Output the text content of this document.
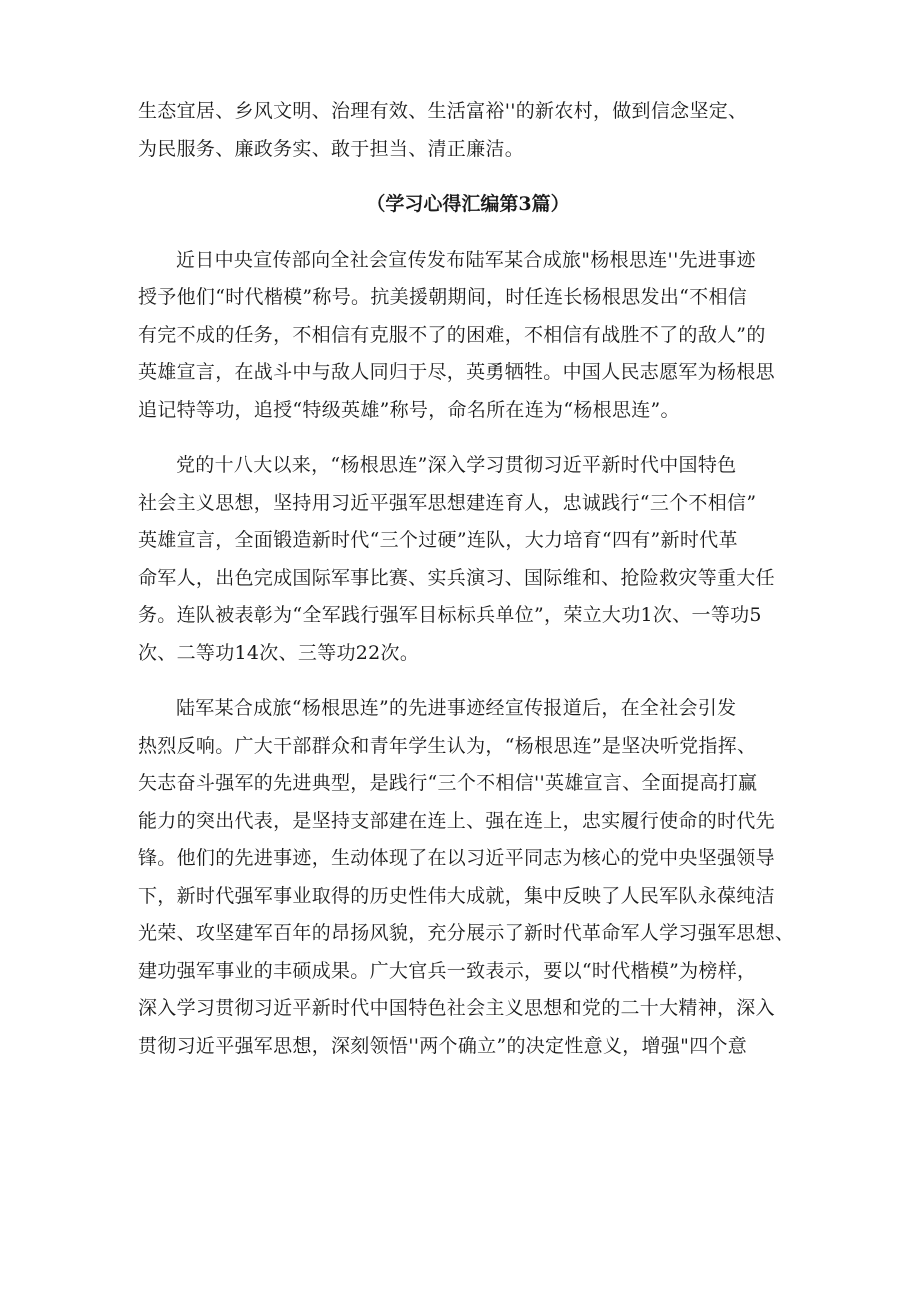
生态宜居、乡风文明、治理有效、生活富裕''的新农村，做到信念坚定、
为民服务、廉政务实、敢于担当、清正廉洁。
（学习心得汇编第3篇）
近日中央宣传部向全社会宣传发布陆军某合成旅"杨根思连''先进事迹
授予他们“时代楷模”称号。抗美援朝期间，时任连长杨根思发出“不相信
有完不成的任务，不相信有克服不了的困难，不相信有战胜不了的敌人”的
英雄宣言，在战斗中与敌人同归于尽，英勇牺牲。中国人民志愿军为杨根思
追记特等功，追授“特级英雄”称号，命名所在连为“杨根思连”。
党的十八大以来，“杨根思连”深入学习贯彻习近平新时代中国特色
社会主义思想，坚持用习近平强军思想建连育人，忠诚践行“三个不相信”
英雄宣言，全面锻造新时代“三个过硬”连队，大力培育“四有”新时代革
命军人，出色完成国际军事比赛、实兵演习、国际维和、抢险救灾等重大任
务。连队被表彰为“全军践行强军目标标兵单位”，荣立大功1次、一等功5
次、二等功14次、三等功22次。
陆军某合成旅“杨根思连”的先进事迹经宣传报道后，在全社会引发
热烈反响。广大干部群众和青年学生认为，“杨根思连”是坚决听党指挥、
矢志奋斗强军的先进典型，是践行“三个不相信''英雄宣言、全面提高打赢
能力的突出代表，是坚持支部建在连上、强在连上，忠实履行使命的时代先
锋。他们的先进事迹，生动体现了在以习近平同志为核心的党中央坚强领导
下，新时代强军事业取得的历史性伟大成就，集中反映了人民军队永葆纯洁
光荣、攻坚建军百年的昂扬风貌，充分展示了新时代革命军人学习强军思想、
建功强军事业的丰硕成果。广大官兵一致表示，要以“时代楷模”为榜样，
深入学习贯彻习近平新时代中国特色社会主义思想和党的二十大精神，深入
贯彻习近平强军思想，深刻领悟''两个确立”的决定性意义，增强"四个意
